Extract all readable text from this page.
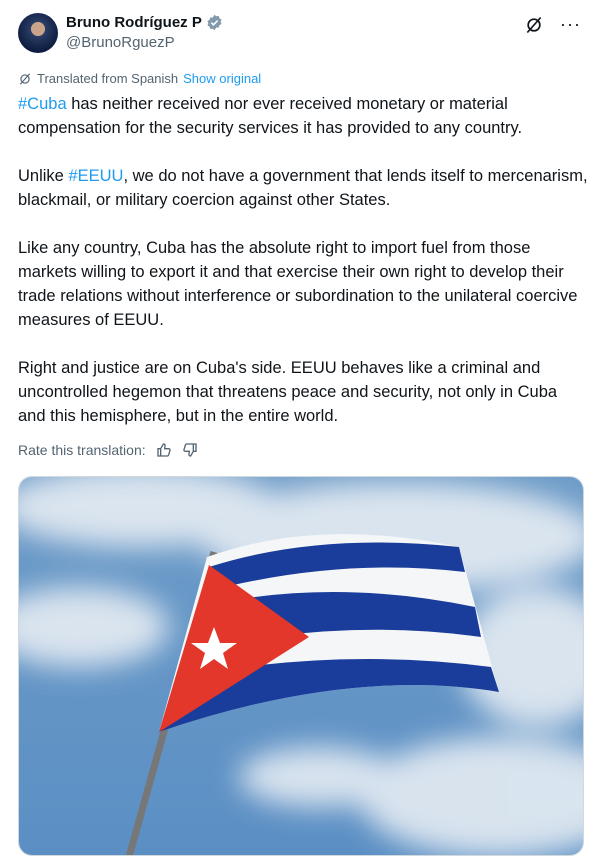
Bruno Rodríguez P
@BrunoRguezP
···
Translated from Spanish Show original

#Cuba has neither received nor ever received monetary or material compensation for the security services it has provided to any country.

Unlike #EEUU, we do not have a government that lends itself to mercenarism, blackmail, or military coercion against other States.

Like any country, Cuba has the absolute right to import fuel from those markets willing to export it and that exercise their own right to develop their trade relations without interference or subordination to the unilateral coercive measures of EEUU.

Right and justice are on Cuba's side. EEUU behaves like a criminal and uncontrolled hegemon that threatens peace and security, not only in Cuba and this hemisphere, but in the entire world.

Rate this translation:
